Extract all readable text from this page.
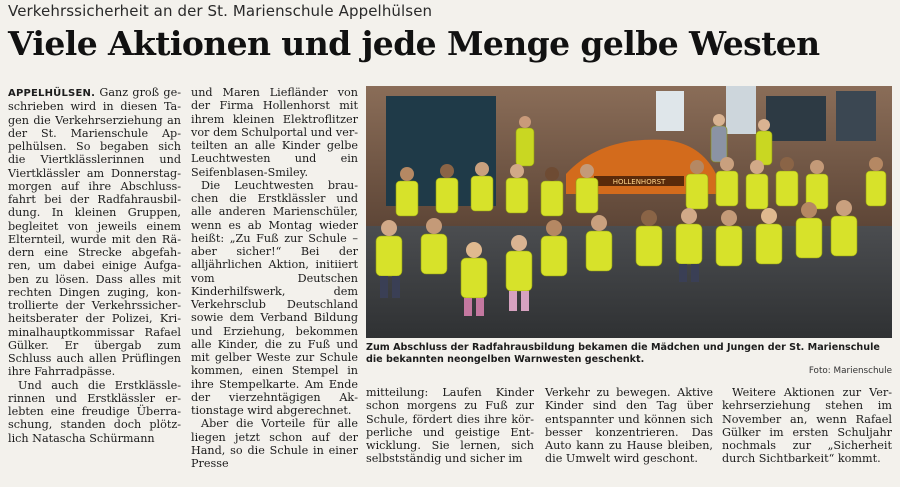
Verkehrssicherheit an der St. Marienschule Appelhülsen
Viele Aktionen und jede Menge gelbe Westen

APPELHÜLSEN. Ganz groß geschrieben wird in diesen Tagen die Verkehrserziehung an der St. Marienschule Appelhülsen. So begaben sich die Viertklässlerinnen und Viertklässler am Donnerstagmorgen auf ihre Abschlussfahrt bei der Radfahrausbildung. In kleinen Gruppen, begleitet von jeweils einem Elternteil, wurde mit den Rädern eine Strecke abgefahren, um dabei einige Aufgaben zu lösen. Dass alles mit rechten Dingen zuging, kontrollierte der Verkehrssicherheitsberater der Polizei, Kriminalhauptkommissar Rafael Gülker. Er übergab zum Schluss auch allen Prüflingen ihre Fahrradpässe.

Und auch die Erstklässlerinnen und Erstklässler erlebten eine freudige Überraschung, standen doch plötzlich Natascha Schürmann

und Maren Liefländer von der Firma Hollenhorst mit ihrem kleinen Elektroflitzer vor dem Schulportal und verteilten an alle Kinder gelbe Leuchtwesten und ein Seifenblasen-Smiley.

Die Leuchtwesten brauchen die Erstklässler und alle anderen Marienschüler, wenn es ab Montag wieder heißt: „Zu Fuß zur Schule – aber sicher!“ Bei der alljährlichen Aktion, initiiert vom Deutschen Kinderhilfswerk, dem Verkehrsclub Deutschland sowie dem Verband Bildung und Erziehung, bekommen alle Kinder, die zu Fuß und mit gelber Weste zur Schule kommen, einen Stempel in ihre Stempelkarte. Am Ende der vierzehntägigen Aktionstage wird abgerechnet.

Aber die Vorteile für alle liegen jetzt schon auf der Hand, so die Schule in einer Presse

HOLLENHORST
Zum Abschluss der Radfahrausbildung bekamen die Mädchen und Jungen der St. Marienschule die bekannten neongelben Warnwesten geschenkt.
Foto: Marienschule

mitteilung: Laufen Kinder schon morgens zu Fuß zur Schule, fördert dies ihre körperliche und geistige Entwicklung. Sie lernen, sich selbstständig und sicher im

Verkehr zu bewegen. Aktive Kinder sind den Tag über entspannter und können sich besser konzentrieren. Das Auto kann zu Hause bleiben, die Umwelt wird geschont.

Weitere Aktionen zur Verkehrserziehung stehen im November an, wenn Rafael Gülker im ersten Schuljahr nochmals zur „Sicherheit durch Sichtbarkeit“ kommt.
